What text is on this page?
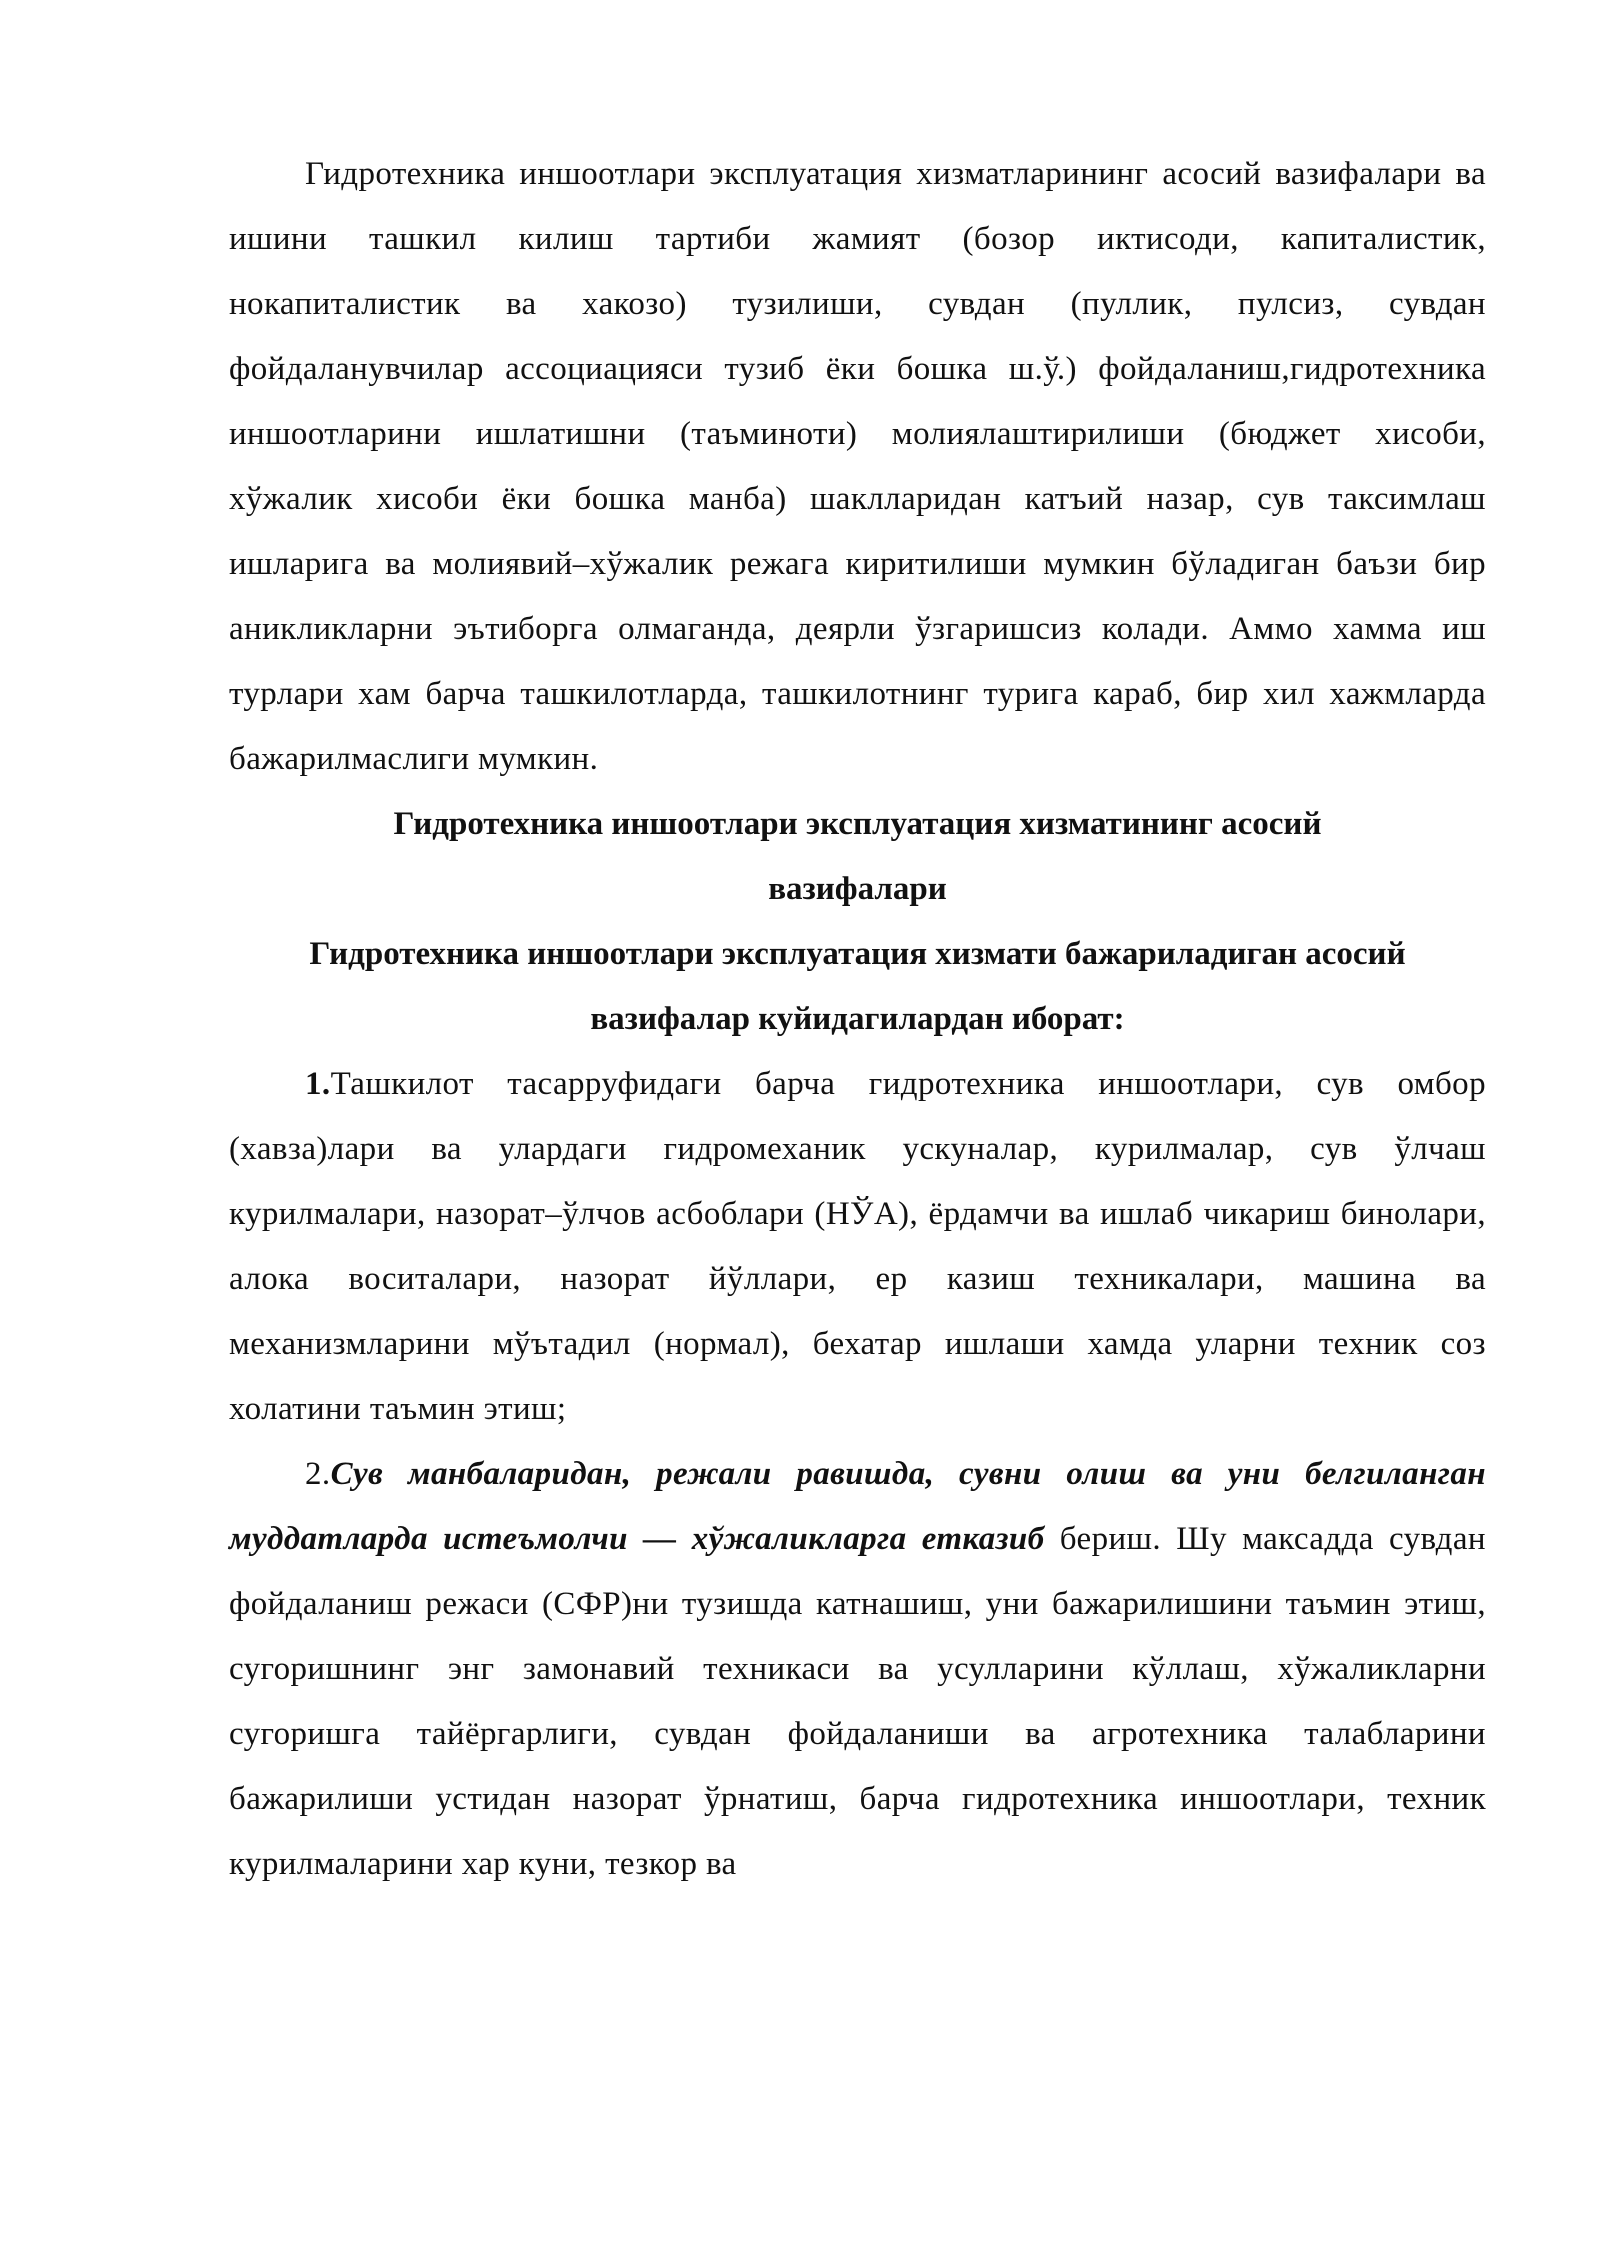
Гидротехника иншоотлари эксплуатация хизматларининг асосий вазифалари ва ишини ташкил килиш тартиби жамият (бозор иктисоди, капиталистик, нокапиталистик ва хакозо) тузилиши, сувдан (пуллик, пулсиз, сувдан фойдаланувчилар ассоциацияси тузиб ёки бошка ш.ў.) фойдаланиш,гидротехника иншоотларини ишлатишни (таъминоти) молиялаштирилиши (бюджет хисоби, хўжалик хисоби ёки бошка манба) шаклларидан катъий назар, сув таксимлаш ишларига ва молиявий–хўжалик режага киритилиши мумкин бўладиган баъзи бир аникликларни эътиборга олмаганда, деярли ўзгаришсиз колади. Аммо хамма иш турлари хам барча ташкилотларда, ташкилотнинг турига караб, бир хил хажмларда бажарилмаслиги мумкин.

Гидротехника иншоотлари эксплуатация хизматининг асосий вазифалари

Гидротехника иншоотлари эксплуатация хизмати бажариладиган асосий вазифалар куйидагилардан иборат:

1.Ташкилот тасарруфидаги барча гидротехника иншоотлари, сув омбор (хавза)лари ва улардаги гидромеханик ускуналар, курилмалар, сув ўлчаш курилмалари, назорат–ўлчов асбоблари (НЎА), ёрдамчи ва ишлаб чикариш бинолари, алока воситалари, назорат йўллари, ер казиш техникалари, машина ва механизмларини мўътадил (нормал), бехатар ишлаши хамда уларни техник соз холатини таъмин этиш;

2.Сув манбаларидан, режали равишда, сувни олиш ва уни белгиланган муддатларда истеъмолчи — хўжаликларга етказиб бериш. Шу максадда сувдан фойдаланиш режаси (СФР)ни тузишда катнашиш, уни бажарилишини таъмин этиш, сугоришнинг энг замонавий техникаси ва усулларини кўллаш, хўжаликларни сугоришга тайёргарлиги, сувдан фойдаланиши ва агротехника талабларини бажарилиши устидан назорат ўрнатиш, барча гидротехника иншоотлари, техник курилмаларини хар куни, тезкор ва
